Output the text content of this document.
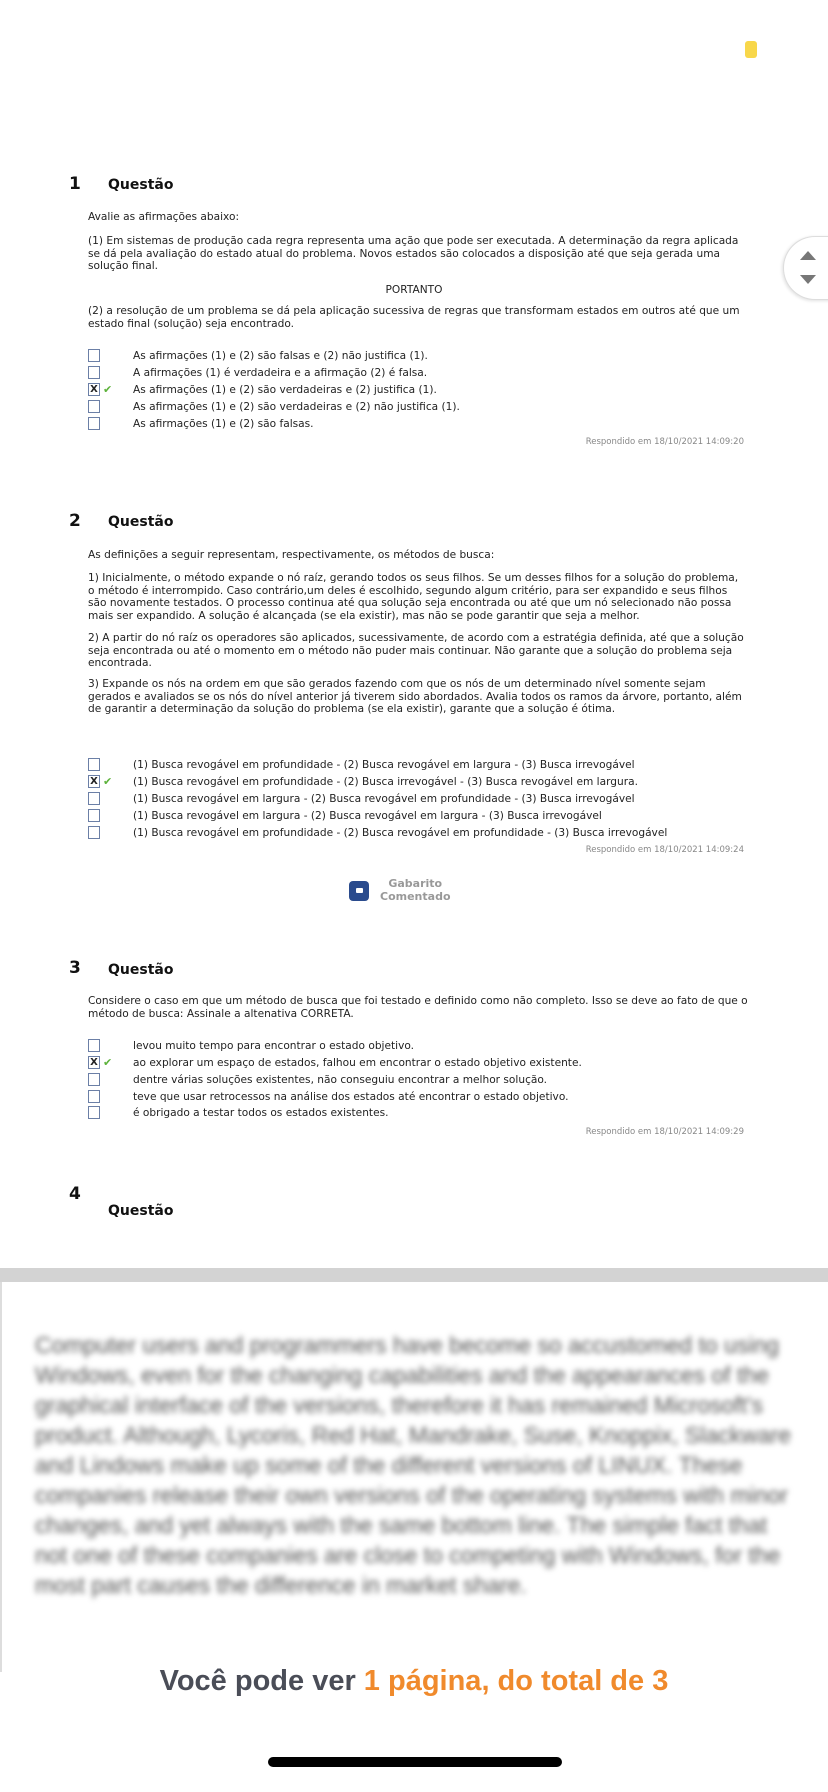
1 Questão
Avalie as afirmações abaixo:
(1) Em sistemas de produção cada regra representa uma ação que pode ser executada. A determinação da regra aplicada se dá pela avaliação do estado atual do problema. Novos estados são colocados a disposição até que seja gerada uma solução final.
PORTANTO
(2) a resolução de um problema se dá pela aplicação sucessiva de regras que transformam estados em outros até que um estado final (solução) seja encontrado.
As afirmações (1) e (2) são falsas e (2) não justifica (1).
A afirmações (1) é verdadeira e a afirmação (2) é falsa.
X ✔	As afirmações (1) e (2) são verdadeiras e (2) justifica (1).
As afirmações (1) e (2) são verdadeiras e (2) não justifica (1).
As afirmações (1) e (2) são falsas.
Respondido em 18/10/2021 14:09:20
2 Questão
As definições a seguir representam, respectivamente, os métodos de busca:
1) Inicialmente, o método expande o nó raíz, gerando todos os seus filhos. Se um desses filhos for a solução do problema, o método é interrompido. Caso contrário,um deles é escolhido, segundo algum critério, para ser expandido e seus filhos são novamente testados. O processo continua até qua solução seja encontrada ou até que um nó selecionado não possa mais ser expandido. A solução é alcançada (se ela existir), mas não se pode garantir que seja a melhor.
2) A partir do nó raíz os operadores são aplicados, sucessivamente, de acordo com a estratégia definida, até que a solução seja encontrada ou até o momento em o método não puder mais continuar. Não garante que a solução do problema seja encontrada.
3) Expande os nós na ordem em que são gerados fazendo com que os nós de um determinado nível somente sejam gerados e avaliados se os nós do nível anterior já tiverem sido abordados. Avalia todos os ramos da árvore, portanto, além de garantir a determinação da solução do problema (se ela existir), garante que a solução é ótima.
(1) Busca revogável em profundidade - (2) Busca revogável em largura - (3) Busca irrevogável
X ✔	(1) Busca revogável em profundidade - (2) Busca irrevogável - (3) Busca revogável em largura.
(1) Busca revogável em largura - (2) Busca revogável em profundidade - (3) Busca irrevogável
(1) Busca revogável em largura - (2) Busca revogável em largura - (3) Busca irrevogável
(1) Busca revogável em profundidade - (2) Busca revogável em profundidade - (3) Busca irrevogável
Respondido em 18/10/2021 14:09:24
Gabarito
Comentado
3 Questão
Considere o caso em que um método de busca que foi testado e definido como não completo. Isso se deve ao fato de que o método de busca: Assinale a altenativa CORRETA.
levou muito tempo para encontrar o estado objetivo.
X ✔	ao explorar um espaço de estados, falhou em encontrar o estado objetivo existente.
dentre várias soluções existentes, não conseguiu encontrar a melhor solução.
teve que usar retrocessos na análise dos estados até encontrar o estado objetivo.
é obrigado a testar todos os estados existentes.
Respondido em 18/10/2021 14:09:29
4
Questão
Computer users and programmers have become so accustomed to using Windows, even for the changing capabilities and the appearances of the graphical interface of the versions, therefore it has remained Microsoft's product. Although, Lycoris, Red Hat, Mandrake, Suse, Knoppix, Slackware and Lindows make up some of the different versions of LINUX. These companies release their own versions of the operating systems with minor changes, and yet always with the same bottom line. The simple fact that not one of these companies are close to competing with Windows, for the most part causes the difference in market share.
Você pode ver 1 página, do total de 3
